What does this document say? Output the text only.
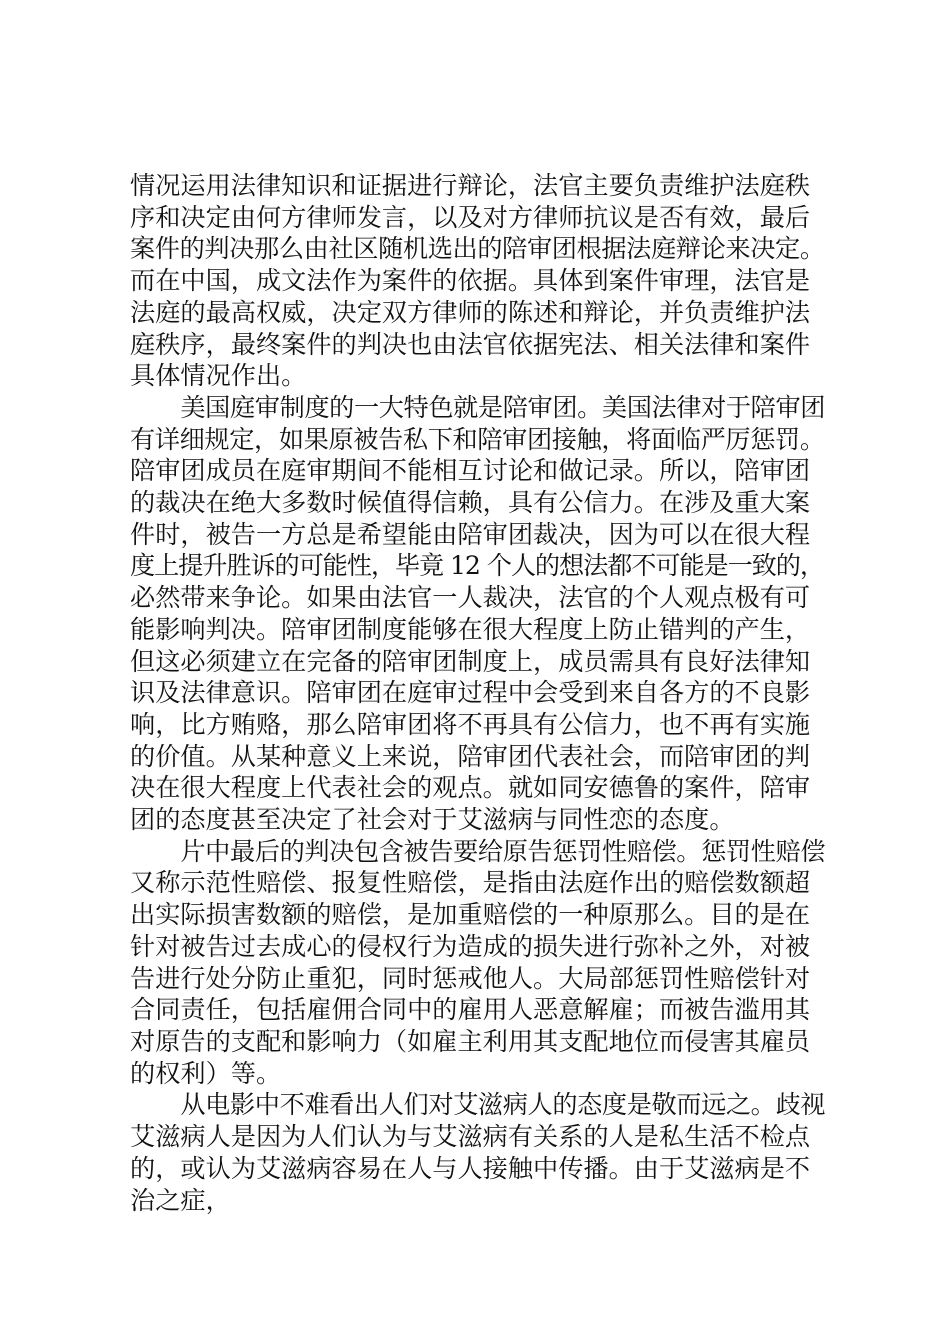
情况运用法律知识和证据进行辩论，法官主要负责维护法庭秩
序和决定由何方律师发言，以及对方律师抗议是否有效，最后
案件的判决那么由社区随机选出的陪审团根据法庭辩论来决定。
而在中国，成文法作为案件的依据。具体到案件审理，法官是
法庭的最高权威，决定双方律师的陈述和辩论，并负责维护法
庭秩序，最终案件的判决也由法官依据宪法、相关法律和案件
具体情况作出。

美国庭审制度的一大特色就是陪审团。美国法律对于陪审团
有详细规定，如果原被告私下和陪审团接触，将面临严厉惩罚。
陪审团成员在庭审期间不能相互讨论和做记录。所以，陪审团
的裁决在绝大多数时候值得信赖，具有公信力。在涉及重大案
件时，被告一方总是希望能由陪审团裁决，因为可以在很大程
度上提升胜诉的可能性，毕竟 12 个人的想法都不可能是一致的，
必然带来争论。如果由法官一人裁决，法官的个人观点极有可
能影响判决。陪审团制度能够在很大程度上防止错判的产生，
但这必须建立在完备的陪审团制度上，成员需具有良好法律知
识及法律意识。陪审团在庭审过程中会受到来自各方的不良影
响，比方贿赂，那么陪审团将不再具有公信力，也不再有实施
的价值。从某种意义上来说，陪审团代表社会，而陪审团的判
决在很大程度上代表社会的观点。就如同安德鲁的案件，陪审
团的态度甚至决定了社会对于艾滋病与同性恋的态度。

片中最后的判决包含被告要给原告惩罚性赔偿。惩罚性赔偿
又称示范性赔偿、报复性赔偿，是指由法庭作出的赔偿数额超
出实际损害数额的赔偿，是加重赔偿的一种原那么。目的是在
针对被告过去成心的侵权行为造成的损失进行弥补之外，对被
告进行处分防止重犯，同时惩戒他人。大局部惩罚性赔偿针对
合同责任，包括雇佣合同中的雇用人恶意解雇；而被告滥用其
对原告的支配和影响力（如雇主利用其支配地位而侵害其雇员
的权利）等。

从电影中不难看出人们对艾滋病人的态度是敬而远之。歧视
艾滋病人是因为人们认为与艾滋病有关系的人是私生活不检点
的，或认为艾滋病容易在人与人接触中传播。由于艾滋病是不
治之症，
